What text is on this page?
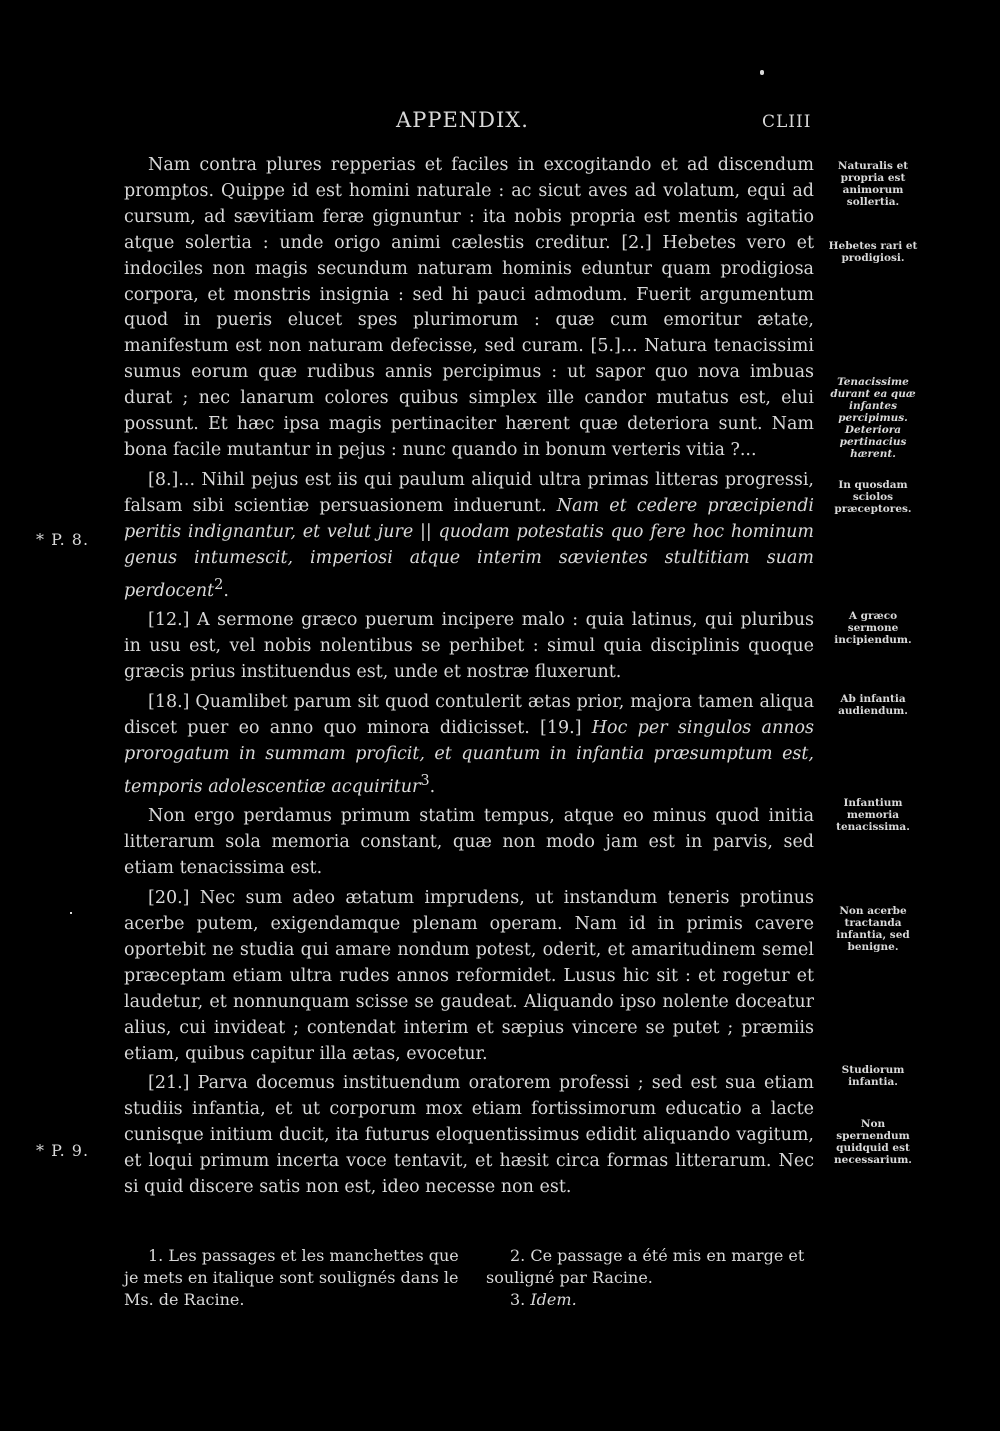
APPENDIX.	CLIII

Nam contra plures repperias et faciles in excogitando et ad discendum promptos. Quippe id est homini naturale : ac sicut aves ad volatum, equi ad cursum, ad sævitiam feræ gignuntur : ita nobis propria est mentis agitatio atque solertia : unde origo animi cælestis creditur. [2.] Hebetes vero et indociles non magis secundum naturam hominis eduntur quam prodigiosa corpora, et monstris insignia : sed hi pauci admodum. Fuerit argumentum quod in pueris elucet spes plurimorum : quæ cum emoritur ætate, manifestum est non naturam defecisse, sed curam. [5.]... Natura tenacissimi sumus eorum quæ rudibus annis percipimus : ut sapor quo nova imbuas durat ; nec lanarum colores quibus simplex ille candor mutatus est, elui possunt. Et hæc ipsa magis pertinaciter hærent quæ deteriora sunt. Nam bona facile mutantur in pejus : nunc quando in bonum verteris vitia ?...

[8.]... Nihil pejus est iis qui paulum aliquid ultra primas litteras progressi, falsam sibi scientiæ persuasionem induerunt. Nam et cedere præcipiendi peritis indignantur, et velut jure || quodam potestatis quo fere hoc hominum genus intumescit, imperiosi atque interim sævientes stultitiam suam perdocent$^2$.

[12.] A sermone græco puerum incipere malo : quia latinus, qui pluribus in usu est, vel nobis nolentibus se perhibet : simul quia disciplinis quoque græcis prius instituendus est, unde et nostræ fluxerunt.

[18.] Quamlibet parum sit quod contulerit ætas prior, majora tamen aliqua discet puer eo anno quo minora didicisset. [19.] Hoc per singulos annos prorogatum in summam proficit, et quantum in infantia præsumptum est, temporis adolescentiæ acquiritur$^3$.

Non ergo perdamus primum statim tempus, atque eo minus quod initia litterarum sola memoria constant, quæ non modo jam est in parvis, sed etiam tenacissima est.

[20.] Nec sum adeo ætatum imprudens, ut instandum teneris protinus acerbe putem, exigendamque plenam operam. Nam id in primis cavere oportebit ne studia qui amare nondum potest, oderit, et amaritudinem semel præceptam etiam ultra rudes annos reformidet. Lusus hic sit : et rogetur et laudetur, et nonnunquam scisse se gaudeat. Aliquando ipso nolente doceatur alius, cui invideat ; contendat interim et sæpius vincere se putet ; præmiis etiam, quibus capitur illa ætas, evocetur.

[21.] Parva docemus instituendum oratorem professi ; sed est sua etiam studiis infantia, et ut corporum mox etiam fortissimorum educatio a lacte cunisque initium ducit, ita futurus eloquentissimus edidit aliquando vagitum, et loqui primum incerta voce tentavit, et hæsit circa formas litterarum. Nec si quid discere satis non est, ideo necesse non est.

* P. 8.
* P. 9.
Naturalis et propria est animorum sollertia.
Hebetes rari et prodigiosi.
Tenacissime durant ea quæ infantes percipimus. Deteriora pertinacius hærent.
In quosdam sciolos præceptores.
A græco sermone incipiendum.
Ab infantia audiendum.
Infantium memoria tenacissima.
Non acerbe tractanda infantia, sed benigne.
Studiorum infantia.
Non spernendum quidquid est necessarium.

1. Les passages et les manchettes que je mets en italique sont soulignés dans le Ms. de Racine.

2. Ce passage a été mis en marge et souligné par Racine.

3. Idem.
